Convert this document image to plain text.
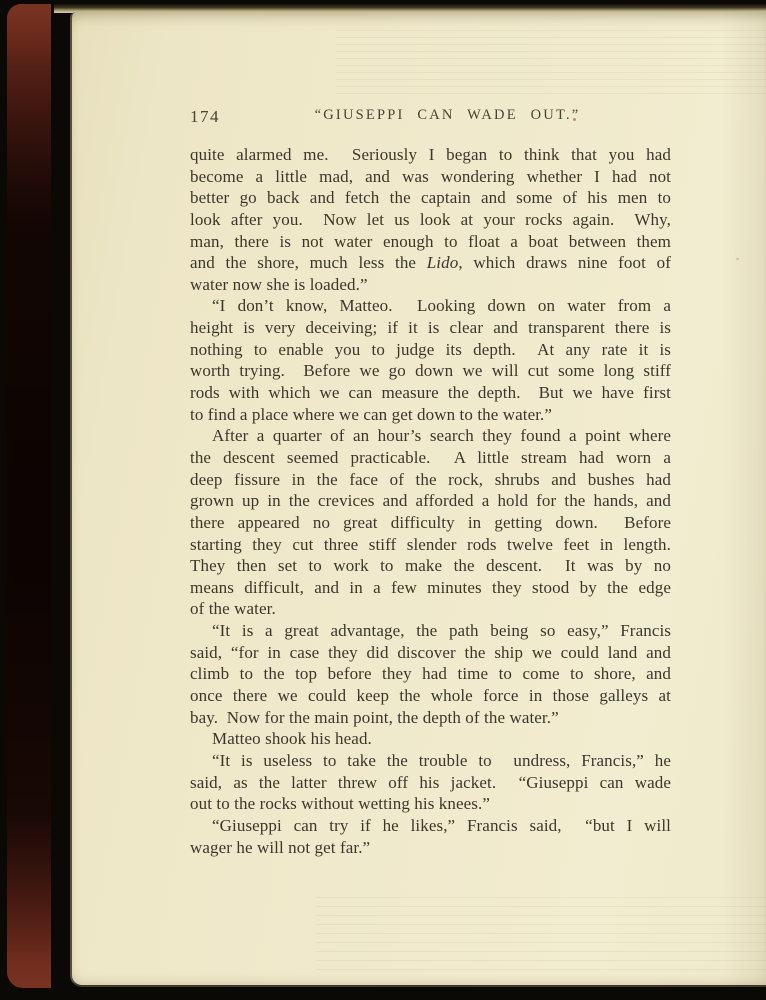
174	“GIUSEPPI CAN WADE OUT.”
quite alarmed me.  Seriously I began to think that you had
become a little mad, and was wondering whether I had not
better go back and fetch the captain and some of his men to
look after you.  Now let us look at your rocks again.  Why,
man, there is not water enough to float a boat between them
and the shore, much less the Lido, which draws nine foot of
water now she is loaded.”
“I don’t know, Matteo.  Looking down on water from a
height is very deceiving; if it is clear and transparent there is
nothing to enable you to judge its depth.  At any rate it is
worth trying.  Before we go down we will cut some long stiff
rods with which we can measure the depth.  But we have first
to find a place where we can get down to the water.”
After a quarter of an hour’s search they found a point where
the descent seemed practicable.  A little stream had worn a
deep fissure in the face of the rock, shrubs and bushes had
grown up in the crevices and afforded a hold for the hands, and
there appeared no great difficulty in getting down.  Before
starting they cut three stiff slender rods twelve feet in length.
They then set to work to make the descent.  It was by no
means difficult, and in a few minutes they stood by the edge
of the water.
“It is a great advantage, the path being so easy,” Francis
said, “for in case they did discover the ship we could land and
climb to the top before they had time to come to shore, and
once there we could keep the whole force in those galleys at
bay.  Now for the main point, the depth of the water.”
Matteo shook his head.
“It is useless to take the trouble to  undress, Francis,” he
said, as the latter threw off his jacket.  “Giuseppi can wade
out to the rocks without wetting his knees.”
“Giuseppi can try if he likes,” Francis said,  “but I will
wager he will not get far.”
